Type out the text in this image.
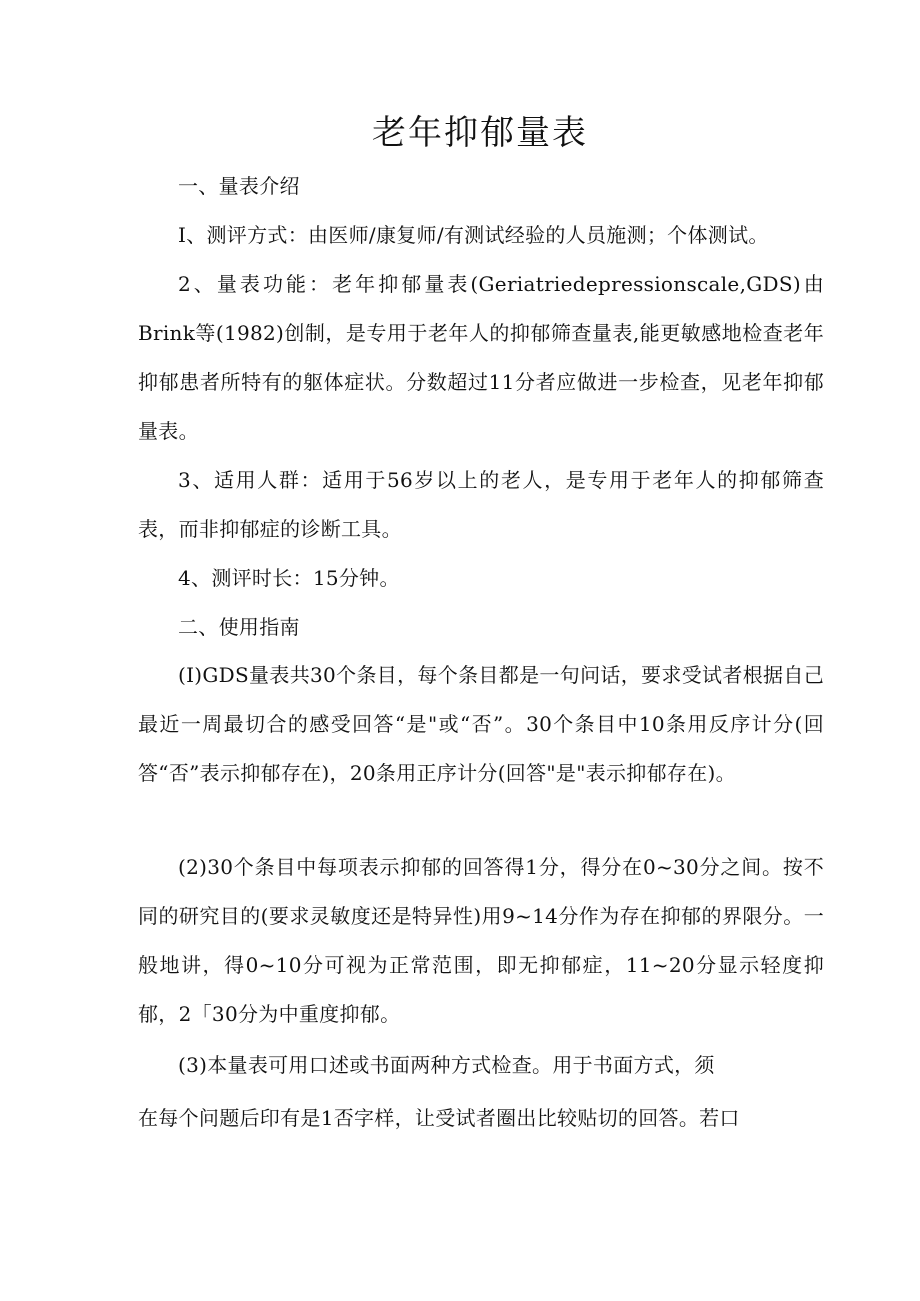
老年抑郁量表
一、量表介绍
I、测评方式：由医师/康复师/有测试经验的人员施测；个体测试。
2、量表功能：老年抑郁量表(Geriatriedepressionscale,GDS)由Brink等(1982)创制，是专用于老年人的抑郁筛查量表,能更敏感地检查老年抑郁患者所特有的躯体症状。分数超过11分者应做进一步检查，见老年抑郁量表。
3、适用人群：适用于56岁以上的老人，是专用于老年人的抑郁筛查表，而非抑郁症的诊断工具。
4、测评时长：15分钟。
二、使用指南
(I)GDS量表共30个条目，每个条目都是一句问话，要求受试者根据自己最近一周最切合的感受回答“是"或“否”。30个条目中10条用反序计分(回答“否”表示抑郁存在)，20条用正序计分(回答"是"表示抑郁存在)。
(2)30个条目中每项表示抑郁的回答得1分，得分在0~30分之间。按不同的研究目的(要求灵敏度还是特异性)用9~14分作为存在抑郁的界限分。一般地讲，得0~10分可视为正常范围，即无抑郁症，11~20分显示轻度抑郁，2「30分为中重度抑郁。
(3)本量表可用口述或书面两种方式检查。用于书面方式，须
在每个问题后印有是1否字样，让受试者圈出比较贴切的回答。若口
